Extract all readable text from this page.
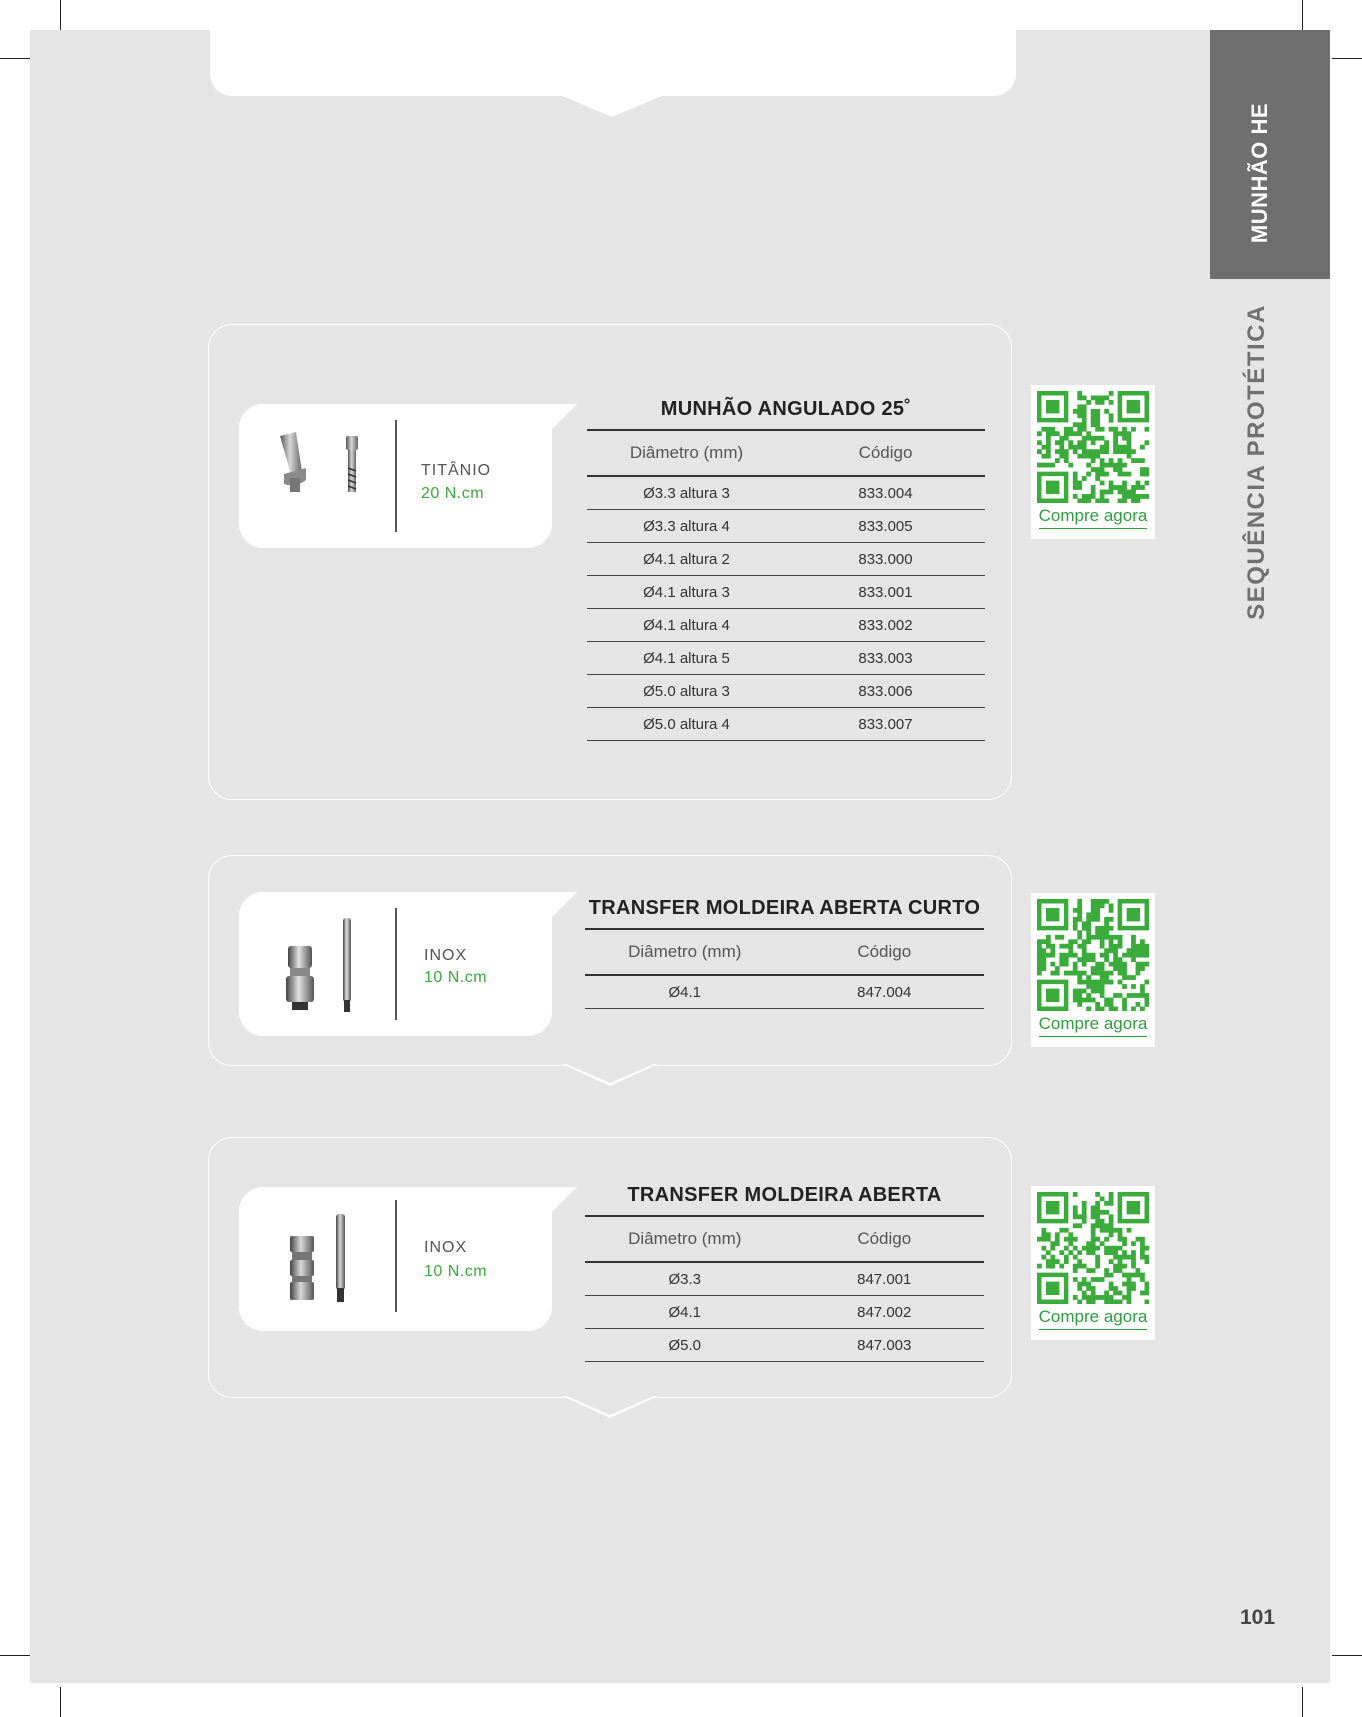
MUNHÃO HE
SEQUÊNCIA PROTÉTICA
TITÂNIO
20 N.cm
MUNHÃO ANGULADO 25˚
Diâmetro (mm)	Código
Ø3.3 altura 3	833.004
Ø3.3 altura 4	833.005
Ø4.1 altura 2	833.000
Ø4.1 altura 3	833.001
Ø4.1 altura 4	833.002
Ø4.1 altura 5	833.003
Ø5.0 altura 3	833.006
Ø5.0 altura 4	833.007
Compre agora
INOX
10 N.cm
TRANSFER MOLDEIRA ABERTA CURTO
Diâmetro (mm)	Código
Ø4.1	847.004
Compre agora
INOX
10 N.cm
TRANSFER MOLDEIRA ABERTA
Diâmetro (mm)	Código
Ø3.3	847.001
Ø4.1	847.002
Ø5.0	847.003
Compre agora
101
